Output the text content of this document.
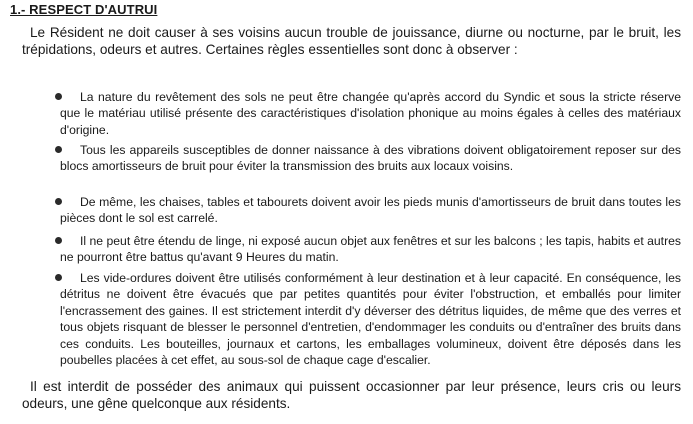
1.- RESPECT D'AUTRUI
Le Résident ne doit causer à ses voisins aucun trouble de jouissance, diurne ou nocturne, par le bruit, les trépidations, odeurs et autres. Certaines règles essentielles sont donc à observer :
La nature du revêtement des sols ne peut être changée qu'après accord du Syndic et sous la stricte réserve que le matériau utilisé présente des caractéristiques d'isolation phonique au moins égales à celles des matériaux d'origine.
Tous les appareils susceptibles de donner naissance à des vibrations doivent obligatoirement reposer sur des blocs amortisseurs de bruit pour éviter la transmission des bruits aux locaux voisins.
De même, les chaises, tables et tabourets doivent avoir les pieds munis d'amortisseurs de bruit dans toutes les pièces dont le sol est carrelé.
Il ne peut être étendu de linge, ni exposé aucun objet aux fenêtres et sur les balcons ; les tapis, habits et autres ne pourront être battus qu'avant 9 Heures du matin.
Les vide-ordures doivent être utilisés conformément à leur destination et à leur capacité. En conséquence, les détritus ne doivent être évacués que par petites quantités pour éviter l'obstruction, et emballés pour limiter l'encrassement des gaines. Il est strictement interdit d'y déverser des détritus liquides, de même que des verres et tous objets risquant de blesser le personnel d'entretien, d'endommager les conduits ou d'entraîner des bruits dans ces conduits. Les bouteilles, journaux et cartons, les emballages volumineux, doivent être déposés dans les poubelles placées à cet effet, au sous-sol de chaque cage d'escalier.
Il est interdit de posséder des animaux qui puissent occasionner par leur présence, leurs cris ou leurs odeurs, une gêne quelconque aux résidents.
